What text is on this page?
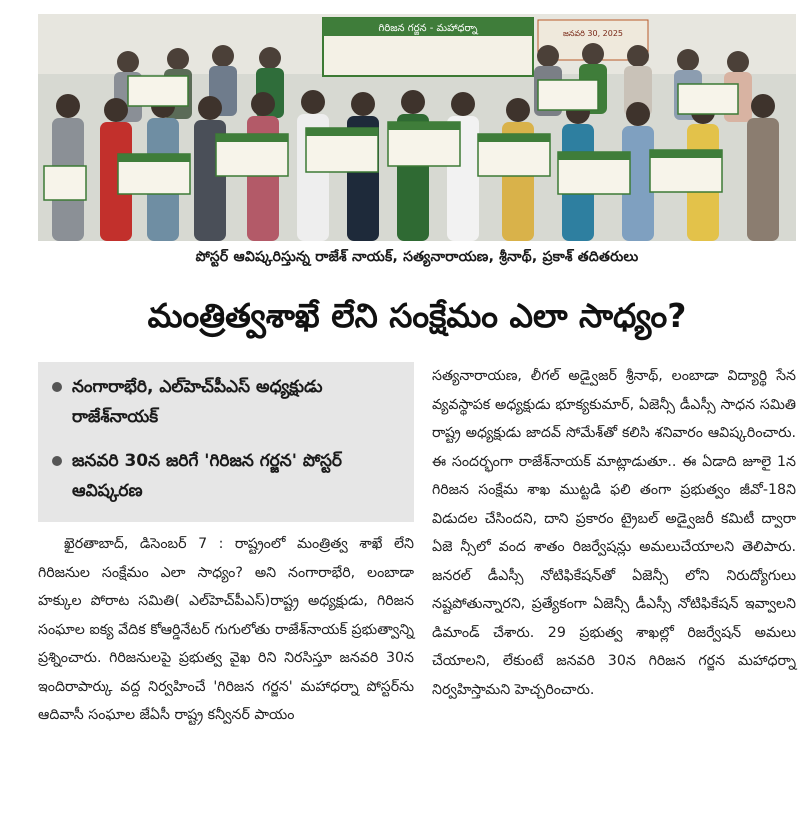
గిరిజన గర్జన - మహాధర్నా	జనవరి 30, 2025
పోస్టర్ ఆవిష్కరిస్తున్న రాజేశ్ నాయక్, సత్యనారాయణ, శ్రీనాథ్, ప్రకాశ్ తదితరులు
మంత్రిత్వశాఖే లేని సంక్షేమం ఎలా సాధ్యం?
నంగారాభేరి, ఎల్‌హెచ్‌పీఎస్ అధ్యక్షుడు రాజేశ్‌నాయక్
జనవరి 30న జరిగే 'గిరిజన గర్జన' పోస్టర్ ఆవిష్కరణ

ఖైరతాబాద్, డిసెంబర్ 7 : రాష్ట్రంలో మంత్రిత్వ శాఖే లేని గిరిజనుల సంక్షేమం ఎలా సాధ్యం? అని నంగారాభేరి, లంబాడా హక్కుల పోరాట సమితి( ఎల్‌హెచ్‌పీఎస్)రాష్ట్ర అధ్యక్షుడు, గిరిజన సంఘాల ఐక్య వేదిక కోఆర్డినేటర్ గుగులోతు రాజేశ్‌నాయక్ ప్రభుత్వాన్ని ప్రశ్నించారు. గిరిజనులపై ప్రభుత్వ వైఖ రిని నిరసిస్తూ జనవరి 30న ఇందిరాపార్కు వద్ద నిర్వహించే 'గిరిజన గర్జన' మహాధర్నా పోస్టర్‌ను ఆదివాసీ సంఘాల జేఏసీ రాష్ట్ర కన్వీనర్ పాయం

సత్యనారాయణ, లీగల్ అడ్వైజర్ శ్రీనాథ్, లంబాడా విద్యార్థి సేన వ్యవస్థాపక అధ్యక్షుడు భూక్యకుమార్, ఏజెన్సీ డీఎస్సీ సాధన సమితి రాష్ట్ర అధ్యక్షుడు జాదవ్ సోమేశ్‌తో కలిసి శనివారం ఆవిష్కరించారు. ఈ సందర్భంగా రాజేశ్‌నాయక్ మాట్లాడుతూ.. ఈ ఏడాది జూలై 1న గిరిజన సంక్షేమ శాఖ ముట్టడి ఫలి తంగా ప్రభుత్వం జీవో-18ని విడుదల చేసిందని, దాని ప్రకారం ట్రైబల్ అడ్వైజరీ కమిటీ ద్వారా ఏజె న్సీలో వంద శాతం రిజర్వేషన్లు అమలుచేయాలని తెలిపారు. జనరల్ డీఎస్సీ నోటిఫికేషన్‌తో ఏజెన్సీ లోని నిరుద్యోగులు నష్టపోతున్నారని, ప్రత్యేకంగా ఏజెన్సీ డీఎస్సీ నోటిఫికేషన్ ఇవ్వాలని డిమాండ్ చేశారు. 29 ప్రభుత్వ శాఖల్లో రిజర్వేషన్ అమలు చేయాలని, లేకుంటే జనవరి 30న గిరిజన గర్జన మహాధర్నా నిర్వహిస్తామని హెచ్చరించారు.
